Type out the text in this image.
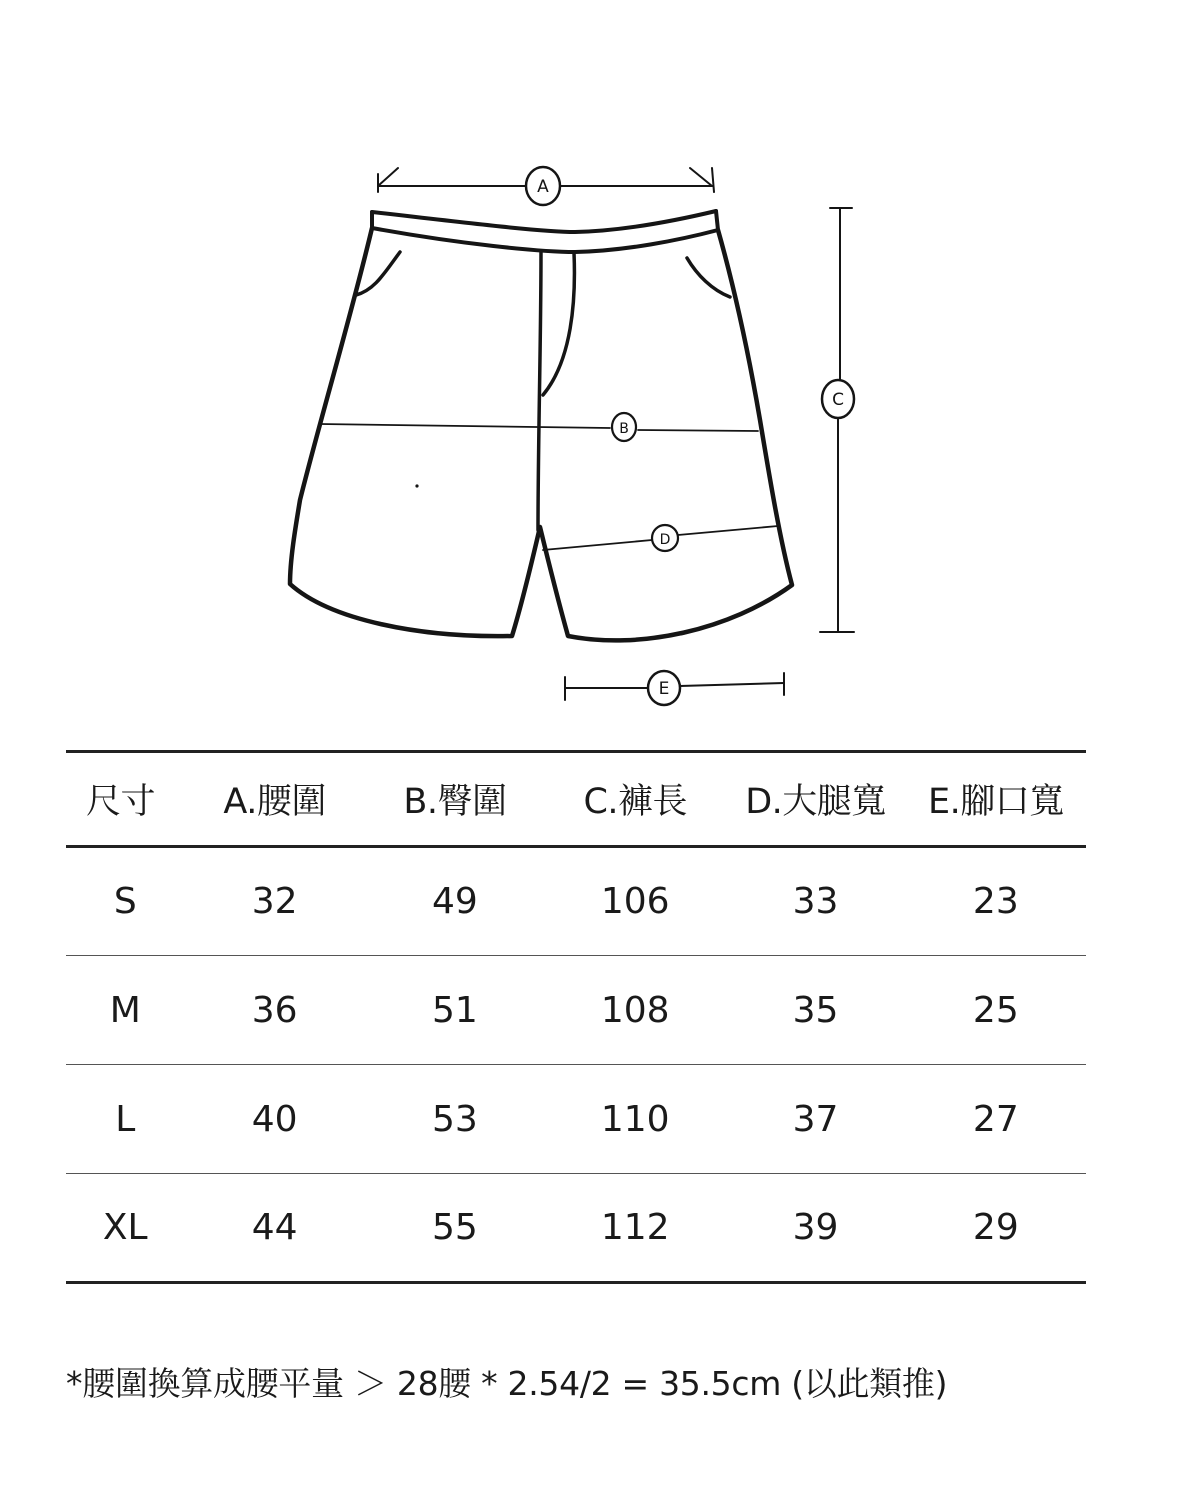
A
B
D
C
E
尺寸	A.腰圍	B.臀圍	C.褲長	D.大腿寬	E.腳口寬
S	32	49	106	33	23
M	36	51	108	35	25
L	40	53	110	37	27
XL	44	55	112	39	29
*腰圍換算成腰平量 ＞ 28腰 * 2.54/2 = 35.5cm (以此類推)
